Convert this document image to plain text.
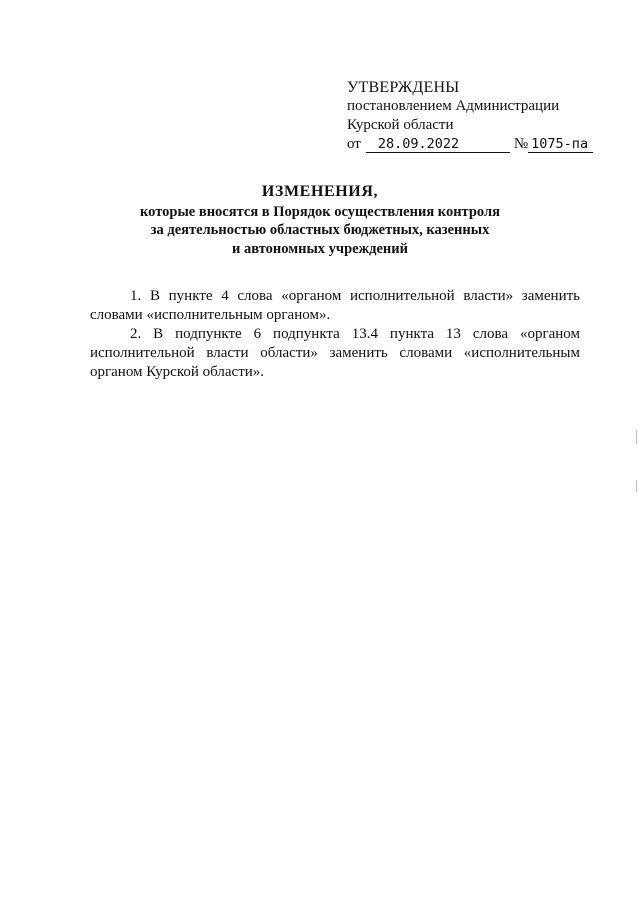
УТВЕРЖДЕНЫ
постановлением Администрации
Курской области
от	28.09.2022	№ 1075-па
ИЗМЕНЕНИЯ,
которые вносятся в Порядок осуществления контроля
за деятельностью областных бюджетных, казенных
и автономных учреждений

1. В пункте 4 слова «органом исполнительной власти» заменить словами «исполнительным органом».

2. В подпункте 6 подпункта 13.4 пункта 13 слова «органом исполнительной власти области» заменить словами «исполнительным органом Курской области».
